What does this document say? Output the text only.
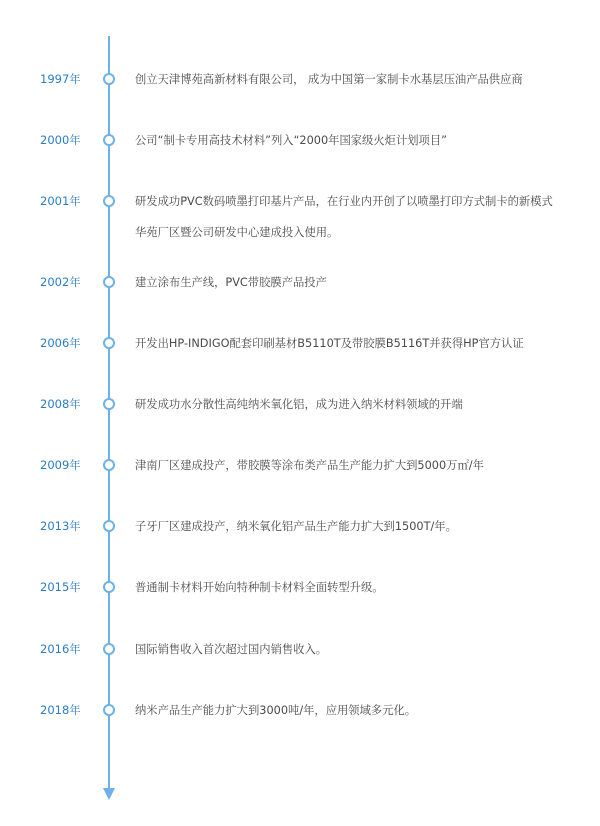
1997年	创立天津博苑高新材料有限公司， 成为中国第一家制卡水基层压油产品供应商
2000年	公司“制卡专用高技术材料”列入“2000年国家级火炬计划项目”
2001年	研发成功PVC数码喷墨打印基片产品，在行业内开创了以喷墨打印方式制卡的新模式
华苑厂区暨公司研发中心建成投入使用。
2002年	建立涂布生产线，PVC带胶膜产品投产
2006年	开发出HP-INDIGO配套印刷基材B5110T及带胶膜B5116T并获得HP官方认证
2008年	研发成功水分散性高纯纳米氧化铝，成为进入纳米材料领域的开端
2009年	津南厂区建成投产，带胶膜等涂布类产品生产能力扩大到5000万㎡/年
2013年	子牙厂区建成投产，纳米氧化铝产品生产能力扩大到1500T/年。
2015年	普通制卡材料开始向特种制卡材料全面转型升级。
2016年	国际销售收入首次超过国内销售收入。
2018年	纳米产品生产能力扩大到3000吨/年，应用领域多元化。
